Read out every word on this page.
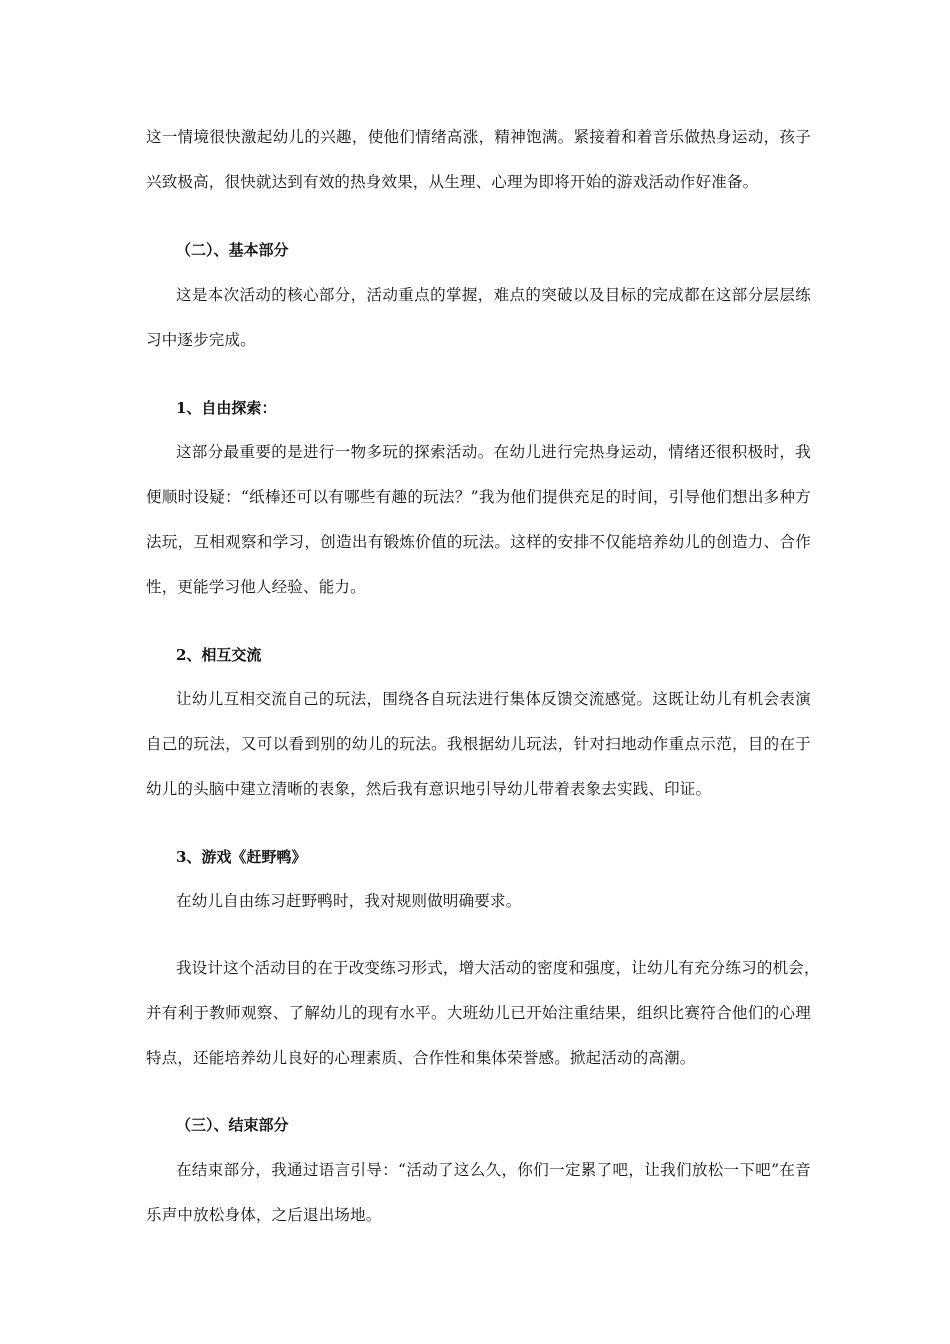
这一情境很快激起幼儿的兴趣，使他们情绪高涨，精神饱满。紧接着和着音乐做热身运动，孩子
兴致极高，很快就达到有效的热身效果，从生理、心理为即将开始的游戏活动作好准备。
（二）、基本部分
这是本次活动的核心部分，活动重点的掌握，难点的突破以及目标的完成都在这部分层层练
习中逐步完成。
1、自由探索：
这部分最重要的是进行一物多玩的探索活动。在幼儿进行完热身运动，情绪还很积极时，我
便顺时设疑：“纸棒还可以有哪些有趣的玩法？”我为他们提供充足的时间，引导他们想出多种方
法玩，互相观察和学习，创造出有锻炼价值的玩法。这样的安排不仅能培养幼儿的创造力、合作
性，更能学习他人经验、能力。
2、相互交流
让幼儿互相交流自己的玩法，围绕各自玩法进行集体反馈交流感觉。这既让幼儿有机会表演
自己的玩法，又可以看到别的幼儿的玩法。我根据幼儿玩法，针对扫地动作重点示范，目的在于
幼儿的头脑中建立清晰的表象，然后我有意识地引导幼儿带着表象去实践、印证。
3、游戏《赶野鸭》
在幼儿自由练习赶野鸭时，我对规则做明确要求。
我设计这个活动目的在于改变练习形式，增大活动的密度和强度，让幼儿有充分练习的机会，
并有利于教师观察、了解幼儿的现有水平。大班幼儿已开始注重结果，组织比赛符合他们的心理
特点，还能培养幼儿良好的心理素质、合作性和集体荣誉感。掀起活动的高潮。
（三）、结束部分
在结束部分，我通过语言引导：“活动了这么久，你们一定累了吧，让我们放松一下吧”在音
乐声中放松身体，之后退出场地。
